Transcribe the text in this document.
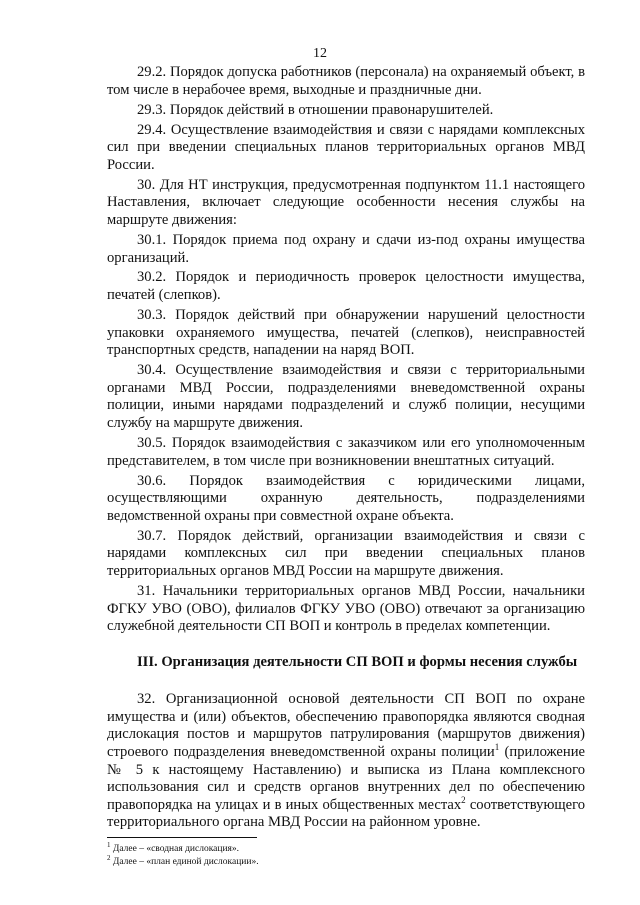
12

29.2. Порядок допуска работников (персонала) на охраняемый объект, в том числе в нерабочее время, выходные и праздничные дни.

29.3. Порядок действий в отношении правонарушителей.

29.4. Осуществление взаимодействия и связи с нарядами комплексных сил при введении специальных планов территориальных органов МВД России.

30. Для НТ инструкция, предусмотренная подпунктом 11.1 настоящего Наставления, включает следующие особенности несения службы на маршруте движения:

30.1. Порядок приема под охрану и сдачи из-под охраны имущества организаций.

30.2. Порядок и периодичность проверок целостности имущества, печатей (слепков).

30.3. Порядок действий при обнаружении нарушений целостности упаковки охраняемого имущества, печатей (слепков), неисправностей транспортных средств, нападении на наряд ВОП.

30.4. Осуществление взаимодействия и связи с территориальными органами МВД России, подразделениями вневедомственной охраны полиции, иными нарядами подразделений и служб полиции, несущими службу на маршруте движения.

30.5. Порядок взаимодействия с заказчиком или его уполномоченным представителем, в том числе при возникновении внештатных ситуаций.

30.6. Порядок взаимодействия с юридическими лицами, осуществляющими охранную деятельность, подразделениями ведомственной охраны при совместной охране объекта.

30.7. Порядок действий, организации взаимодействия и связи с нарядами комплексных сил при введении специальных планов территориальных органов МВД России на маршруте движения.

31. Начальники территориальных органов МВД России, начальники ФГКУ УВО (ОВО), филиалов ФГКУ УВО (ОВО) отвечают за организацию служебной деятельности СП ВОП и контроль в пределах компетенции.

III. Организация деятельности СП ВОП и формы несения службы

32. Организационной основой деятельности СП ВОП по охране имущества и (или) объектов, обеспечению правопорядка являются сводная дислокация постов и маршрутов патрулирования (маршрутов движения) строевого подразделения вневедомственной охраны полиции$^1$ (приложение № 5 к настоящему Наставлению) и выписка из Плана комплексного использования сил и средств органов внутренних дел по обеспечению правопорядка на улицах и в иных общественных местах$^2$ соответствующего территориального органа МВД России на районном уровне.

$^1$ Далее – «сводная дислокация».

$^2$ Далее – «план единой дислокации».
